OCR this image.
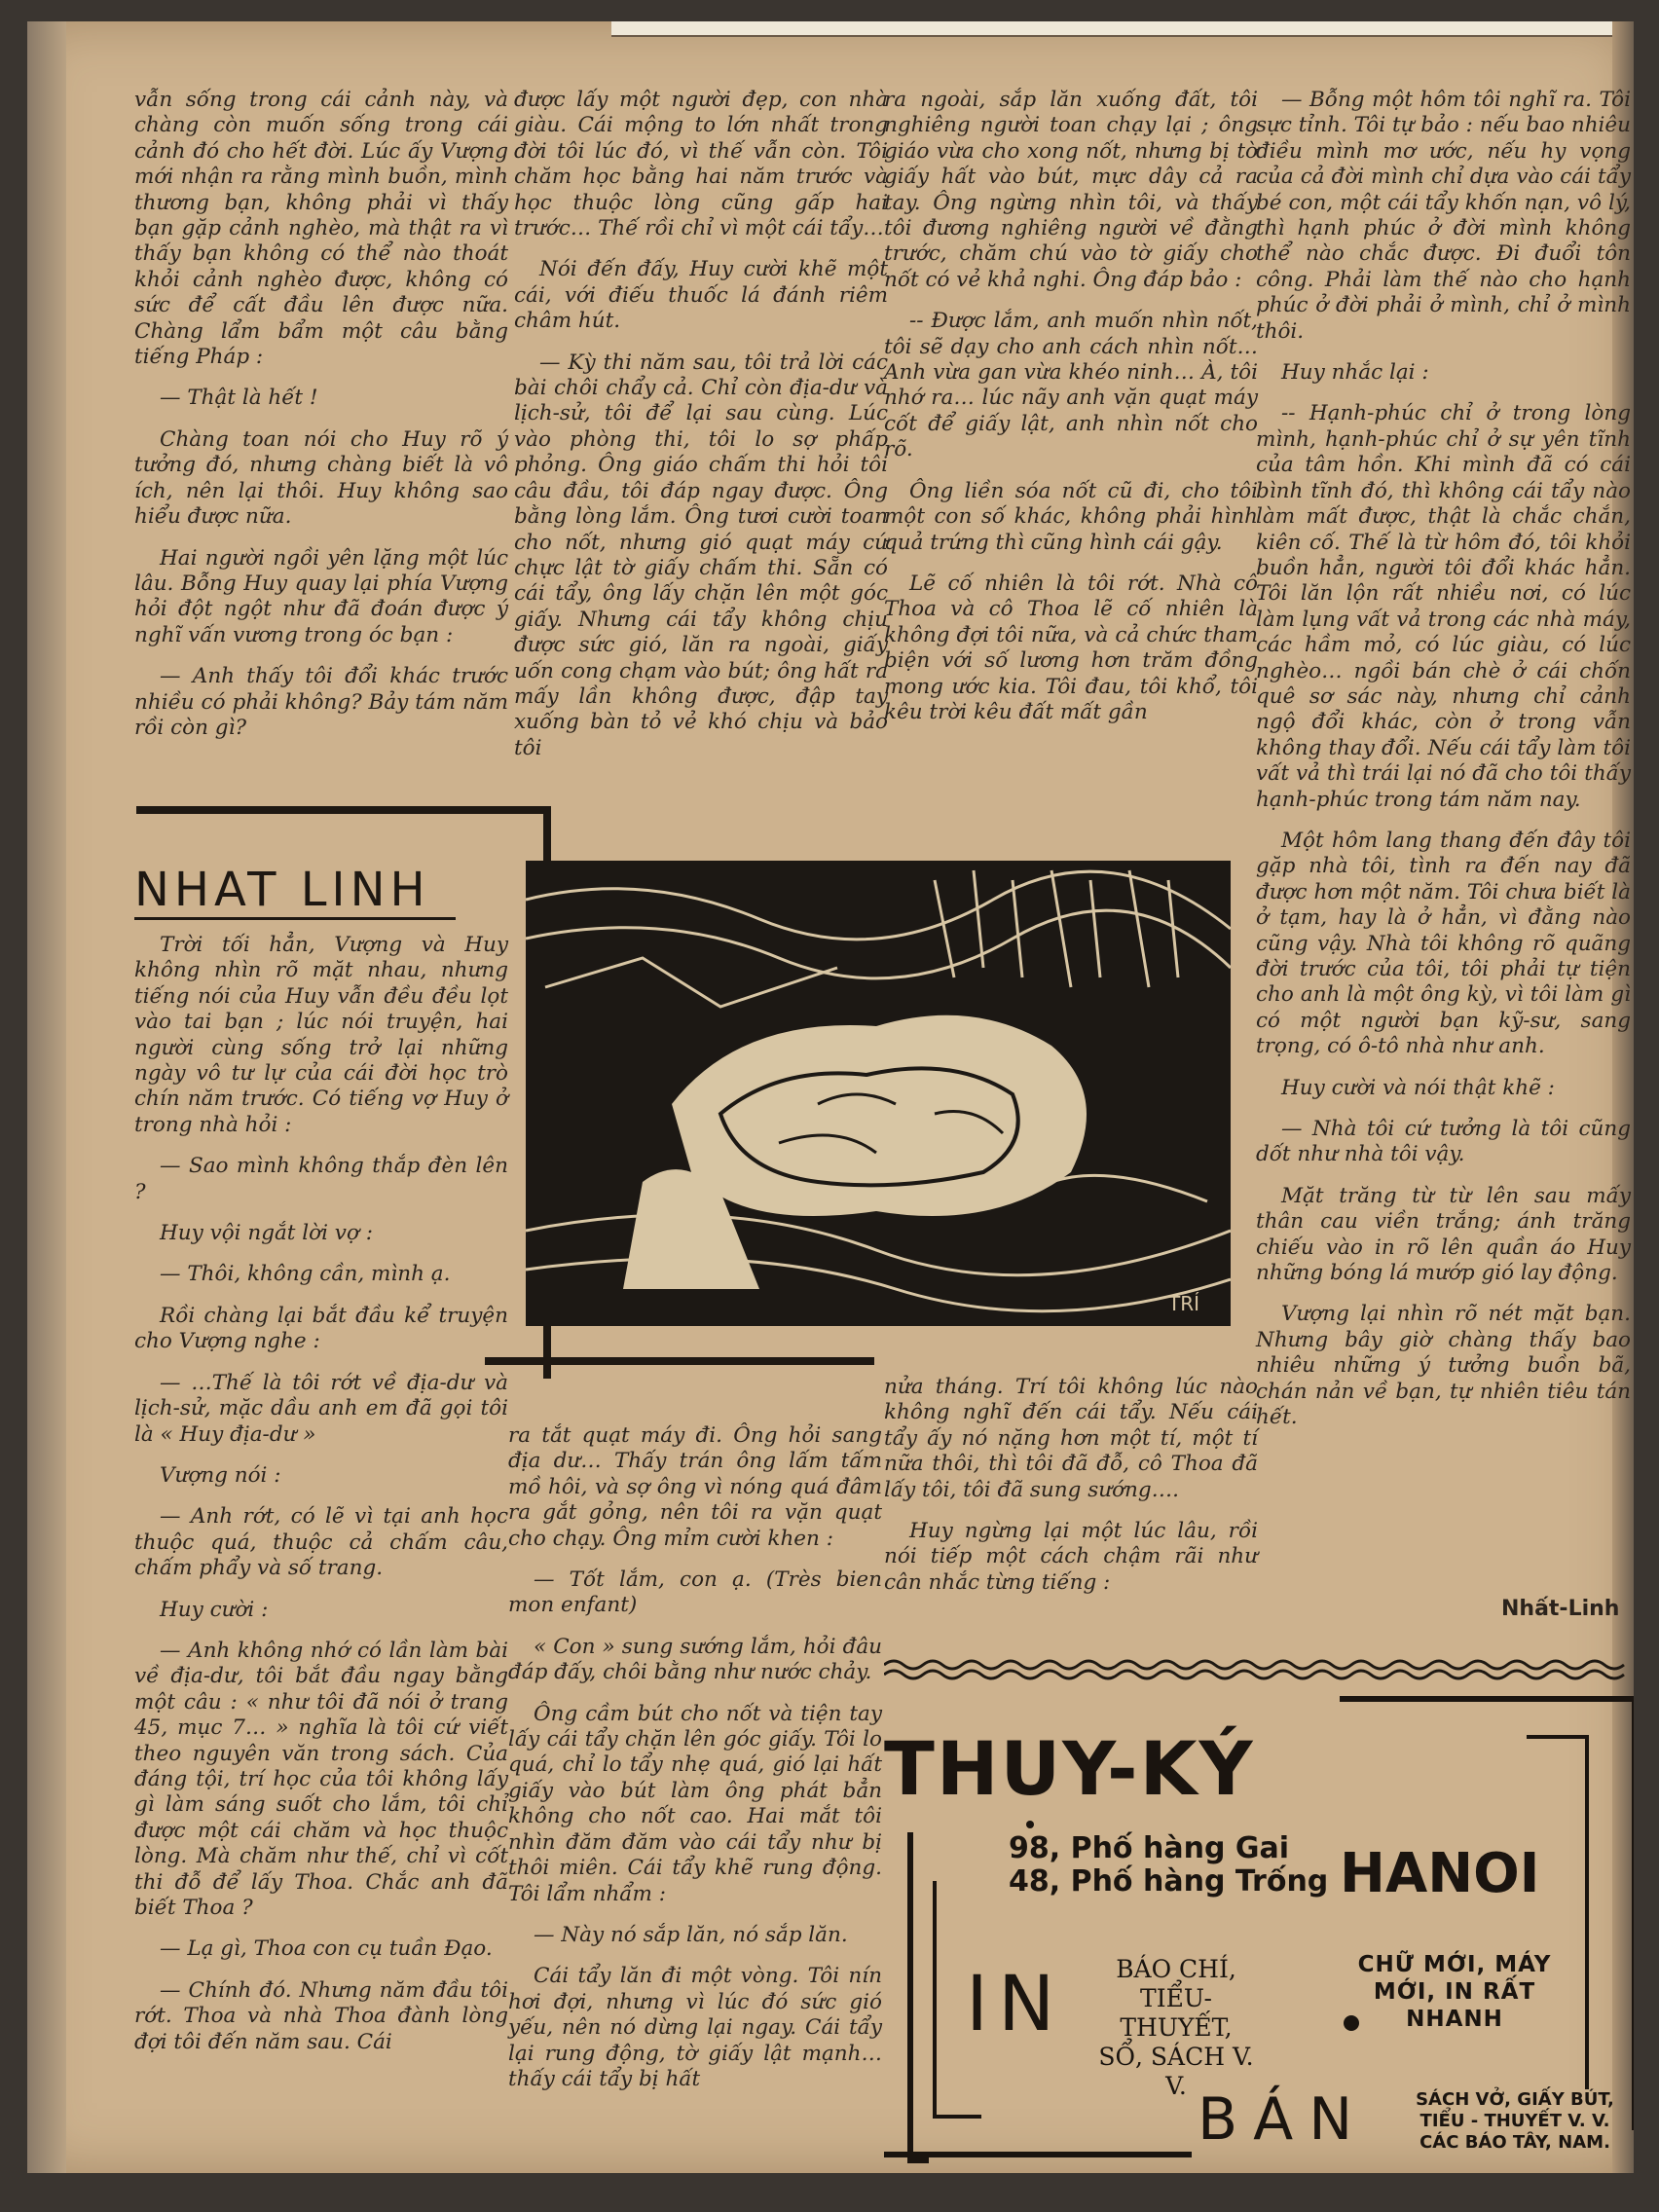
vẫn sống trong cái cảnh này, và chàng còn muốn sống trong cái cảnh đó cho hết đời. Lúc ấy Vượng mới nhận ra rằng mình buồn, mình thương bạn, không phải vì thấy bạn gặp cảnh nghèo, mà thật ra vì thấy bạn không có thể nào thoát khỏi cảnh nghèo được, không có sức để cất đầu lên được nữa. Chàng lẩm bẩm một câu bằng tiếng Pháp :

— Thật là hết !

Chàng toan nói cho Huy rõ ý tưởng đó, nhưng chàng biết là vô ích, nên lại thôi. Huy không sao hiểu được nữa.

Hai người ngồi yên lặng một lúc lâu. Bỗng Huy quay lại phía Vượng hỏi đột ngột như đã đoán được ý nghĩ vấn vương trong óc bạn :

— Anh thấy tôi đổi khác trước nhiều có phải không? Bảy tám năm rồi còn gì?

được lấy một người đẹp, con nhà giàu. Cái mộng to lớn nhất trong đời tôi lúc đó, vì thế vẫn còn. Tôi chăm học bằng hai năm trước và học thuộc lòng cũng gấp hai trước… Thế rồi chỉ vì một cái tẩy…

Nói đến đấy, Huy cười khẽ một cái, với điếu thuốc lá đánh riêm châm hút.

— Kỳ thi năm sau, tôi trả lời các bài chôi chẩy cả. Chỉ còn địa-dư và lịch-sử, tôi để lại sau cùng. Lúc vào phòng thi, tôi lo sợ phấp phỏng. Ông giáo chấm thi hỏi tôi câu đầu, tôi đáp ngay được. Ông bằng lòng lắm. Ông tươi cười toan cho nốt, nhưng gió quạt máy cứ chực lật tờ giấy chấm thi. Sẵn có cái tẩy, ông lấy chặn lên một góc giấy. Nhưng cái tẩy không chịu được sức gió, lăn ra ngoài, giấy uốn cong chạm vào bút; ông hất ra mấy lần không được, đập tay xuống bàn tỏ vẻ khó chịu và bảo tôi

ra ngoài, sắp lăn xuống đất, tôi nghiêng người toan chạy lại ; ông giáo vừa cho xong nốt, nhưng bị tờ giấy hất vào bút, mực dây cả ra tay. Ông ngừng nhìn tôi, và thấy tôi đương nghiêng người về đằng trước, chăm chú vào tờ giấy cho nốt có vẻ khả nghi. Ông đáp bảo :

-- Được lắm, anh muốn nhìn nốt, tôi sẽ dạy cho anh cách nhìn nốt… Anh vừa gan vừa khéo ninh… À, tôi nhớ ra… lúc nãy anh vặn quạt máy cốt để giấy lật, anh nhìn nốt cho rõ.

Ông liền sóa nốt cũ đi, cho tôi một con số khác, không phải hình quả trứng thì cũng hình cái gậy.

Lẽ cố nhiên là tôi rớt. Nhà cô Thoa và cô Thoa lẽ cố nhiên là không đợi tôi nữa, và cả chức tham biện với số lương hơn trăm đồng mong ước kia. Tôi đau, tôi khổ, tôi kêu trời kêu đất mất gần

— Bỗng một hôm tôi nghĩ ra. Tôi sực tỉnh. Tôi tự bảo : nếu bao nhiêu điều mình mơ ước, nếu hy vọng của cả đời mình chỉ dựa vào cái tẩy bé con, một cái tẩy khốn nạn, vô lý, thì hạnh phúc ở đời mình không thể nào chắc được. Đi đuổi tôn công. Phải làm thế nào cho hạnh phúc ở đời phải ở mình, chỉ ở mình thôi.

Huy nhắc lại :

-- Hạnh-phúc chỉ ở trong lòng mình, hạnh-phúc chỉ ở sự yên tĩnh của tâm hồn. Khi mình đã có cái bình tĩnh đó, thì không cái tẩy nào làm mất được, thật là chắc chắn, kiên cố. Thế là từ hôm đó, tôi khỏi buồn hẳn, người tôi đổi khác hẳn. Tôi lăn lộn rất nhiều nơi, có lúc làm lụng vất vả trong các nhà máy, các hầm mỏ, có lúc giàu, có lúc nghèo… ngồi bán chè ở cái chốn quê sơ sác này, nhưng chỉ cảnh ngộ đổi khác, còn ở trong vẫn không thay đổi. Nếu cái tẩy làm tôi vất vả thì trái lại nó đã cho tôi thấy hạnh-phúc trong tám năm nay.

Một hôm lang thang đến đây tôi gặp nhà tôi, tình ra đến nay đã được hơn một năm. Tôi chưa biết là ở tạm, hay là ở hẳn, vì đằng nào cũng vậy. Nhà tôi không rõ quãng đời trước của tôi, tôi phải tự tiện cho anh là một ông kỳ, vì tôi làm gì có một người bạn kỹ-sư, sang trọng, có ô-tô nhà như anh.

Huy cười và nói thật khẽ :

— Nhà tôi cứ tưởng là tôi cũng dốt như nhà tôi vậy.

Mặt trăng từ từ lên sau mấy thân cau viền trắng; ánh trăng chiếu vào in rõ lên quần áo Huy những bóng lá mướp gió lay động.

Vượng lại nhìn rõ nét mặt bạn. Nhưng bây giờ chàng thấy bao nhiêu những ý tưởng buồn bã, chán nản về bạn, tự nhiên tiêu tán hết.

Nhất-Linh
NHAT LINH
TRÍ

Trời tối hẳn, Vượng và Huy không nhìn rõ mặt nhau, nhưng tiếng nói của Huy vẫn đều đều lọt vào tai bạn ; lúc nói truyện, hai người cùng sống trở lại những ngày vô tư lự của cái đời học trò chín năm trước. Có tiếng vợ Huy ở trong nhà hỏi :

— Sao mình không thắp đèn lên ?

Huy vội ngắt lời vợ :

— Thôi, không cần, mình ạ.

Rồi chàng lại bắt đầu kể truyện cho Vượng nghe :

— …Thế là tôi rớt về địa-dư và lịch-sử, mặc dầu anh em đã gọi tôi là « Huy địa-dư »

Vượng nói :

— Anh rớt, có lẽ vì tại anh học thuộc quá, thuộc cả chấm câu, chấm phẩy và số trang.

Huy cười :

— Anh không nhớ có lần làm bài về địa-dư, tôi bắt đầu ngay bằng một câu : « như tôi đã nói ở trang 45, mục 7… » nghĩa là tôi cứ viết theo nguyên văn trong sách. Của đáng tội, trí học của tôi không lấy gì làm sáng suốt cho lắm, tôi chỉ được một cái chăm và học thuộc lòng. Mà chăm như thế, chỉ vì cốt thi đỗ để lấy Thoa. Chắc anh đã biết Thoa ?

— Lạ gì, Thoa con cụ tuần Đạo.

— Chính đó. Nhưng năm đầu tôi rớt. Thoa và nhà Thoa đành lòng đợi tôi đến năm sau. Cái

ra tắt quạt máy đi. Ông hỏi sang địa dư… Thấy trán ông lấm tấm mồ hôi, và sợ ông vì nóng quá đâm ra gắt gỏng, nên tôi ra vặn quạt cho chạy. Ông mỉm cười khen :

— Tốt lắm, con ạ. (Très bien mon enfant)

« Con » sung sướng lắm, hỏi đâu đáp đấy, chôi bằng như nước chảy.

Ông cầm bút cho nốt và tiện tay lấy cái tẩy chặn lên góc giấy. Tôi lo quá, chỉ lo tẩy nhẹ quá, gió lại hất giấy vào bút làm ông phát bẳn không cho nốt cao. Hai mắt tôi nhìn đăm đăm vào cái tẩy như bị thôi miên. Cái tẩy khẽ rung động. Tôi lẩm nhẩm :

— Này nó sắp lăn, nó sắp lăn.

Cái tẩy lăn đi một vòng. Tôi nín hơi đợi, nhưng vì lúc đó sức gió yếu, nên nó dừng lại ngay. Cái tẩy lại rung động, tờ giấy lật mạnh… thấy cái tẩy bị hất

nửa tháng. Trí tôi không lúc nào không nghĩ đến cái tẩy. Nếu cái tẩy ấy nó nặng hơn một tí, một tí nữa thôi, thì tôi đã đỗ, cô Thoa đã lấy tôi, tôi đã sung sướng….

Huy ngừng lại một lúc lâu, rồi nói tiếp một cách chậm rãi như cân nhắc từng tiếng :

THUY-KÝ
98, Phố hàng Gai
48, Phố hàng Trống HANOI
IN	BÁO CHÍ,
TIỂU-THUYẾT,
SỔ, SÁCH V. V.
CHỮ MỚI, MÁY
MỚI, IN RẤT
NHANH
BÁN	SÁCH VỞ, GIẤY BÚT,
TIỂU - THUYẾT V. V.
CÁC BÁO TÂY, NAM.
